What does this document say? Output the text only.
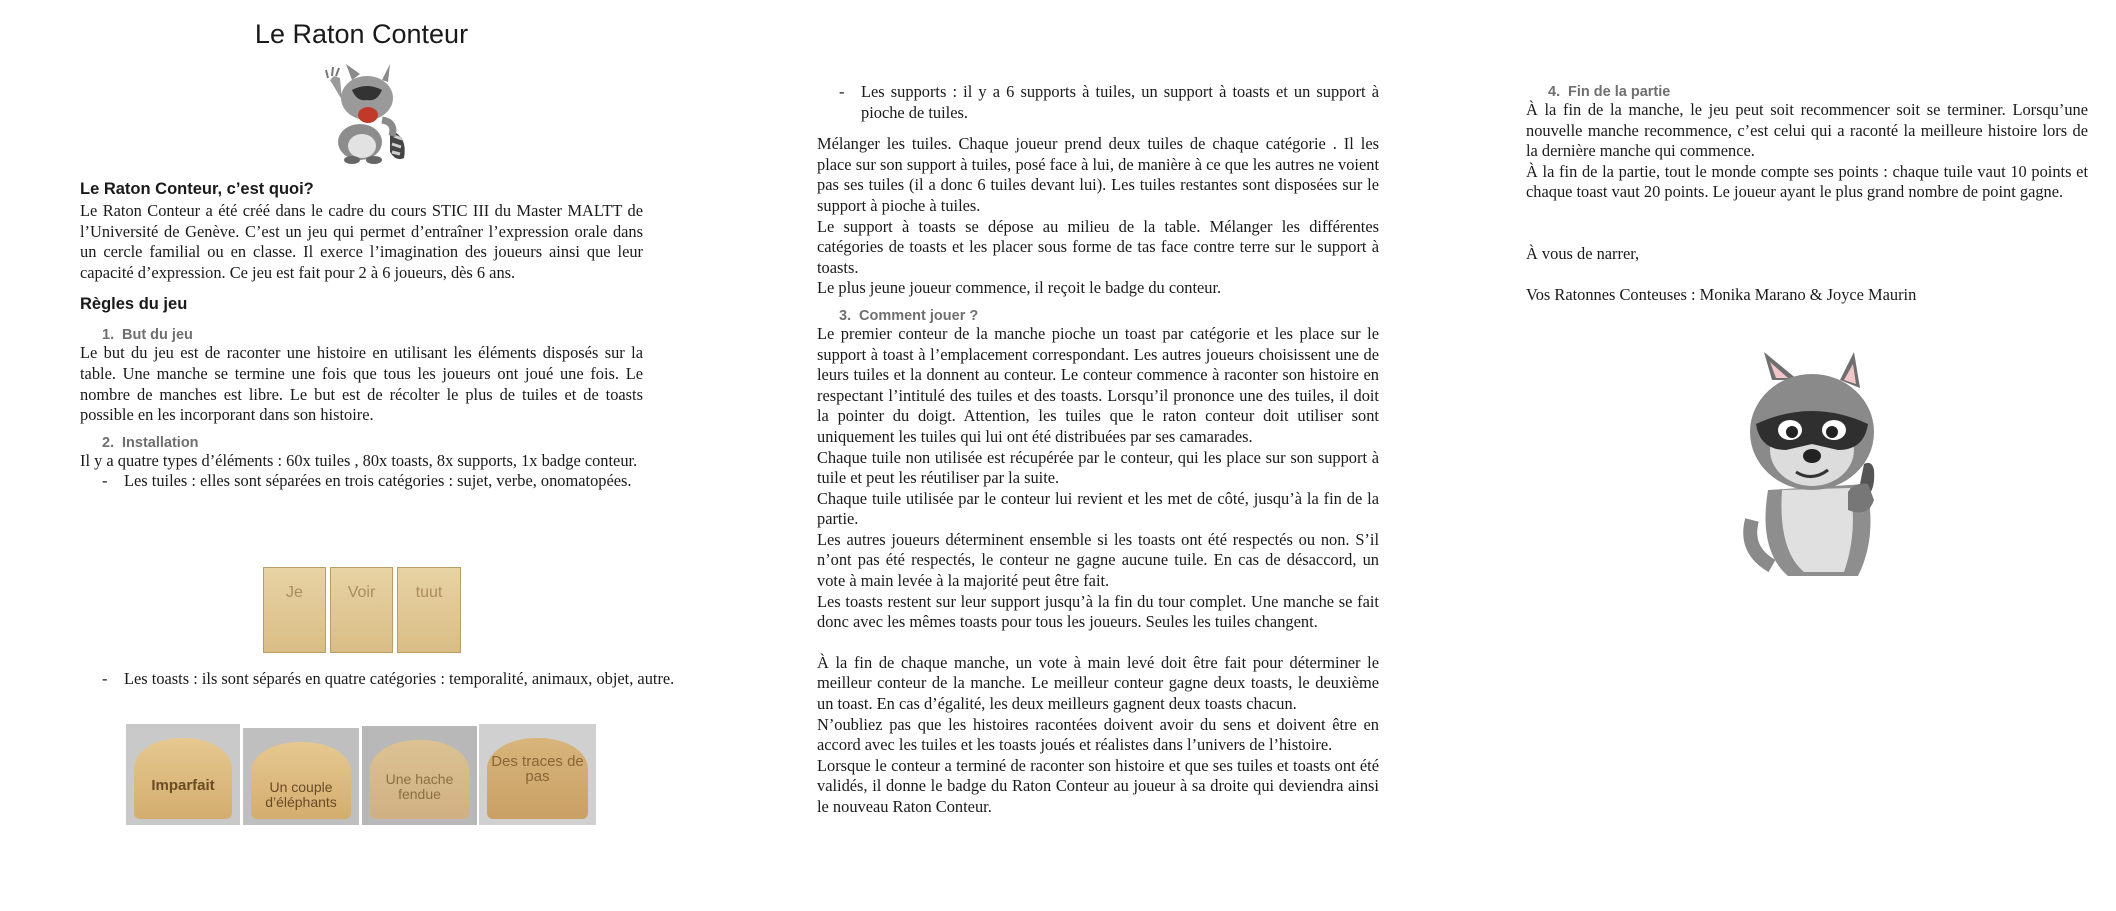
Le Raton Conteur

Le Raton Conteur, c’est quoi?

Le Raton Conteur a été créé dans le cadre du cours STIC III du Master MALTT de l’Université de Genève. C’est un jeu qui permet d’entraîner l’expression orale dans un cercle familial ou en classe. Il exerce l’imagination des joueurs ainsi que leur capacité d’expression. Ce jeu est fait pour 2 à 6 joueurs, dès 6 ans.

Règles du jeu

1. But du jeu

Le but du jeu est de raconter une histoire en utilisant les éléments disposés sur la table. Une manche se termine une fois que tous les joueurs ont joué une fois. Le nombre de manches est libre. Le but est de récolter le plus de tuiles et de toasts possible en les incorporant dans son histoire.

2. Installation

Il y a quatre types d’éléments : 60x tuiles , 80x toasts, 8x supports, 1x badge conteur.

- Les tuiles : elles sont séparées en trois catégories : sujet, verbe, onomatopées.

Je	Voir	tuut

- Les toasts : ils sont séparés en quatre catégories : temporalité, animaux, objet, autre.

Imparfait	Un couple d’éléphants
Une hache fendue
Des traces de pas

- Les supports : il y a 6 supports à tuiles, un support à toasts et un support à pioche de tuiles.

Mélanger les tuiles. Chaque joueur prend deux tuiles de chaque catégorie . Il les place sur son support à tuiles, posé face à lui, de manière à ce que les autres ne voient pas ses tuiles (il a donc 6 tuiles devant lui). Les tuiles restantes sont disposées sur le support à pioche à tuiles.

Le support à toasts se dépose au milieu de la table. Mélanger les différentes catégories de toasts et les placer sous forme de tas face contre terre sur le support à toasts.

Le plus jeune joueur commence, il reçoit le badge du conteur.

3. Comment jouer ?

Le premier conteur de la manche pioche un toast par catégorie et les place sur le support à toast à l’emplacement correspondant. Les autres joueurs choisissent une de leurs tuiles et la donnent au conteur. Le conteur commence à raconter son histoire en respectant l’intitulé des tuiles et des toasts. Lorsqu’il prononce une des tuiles, il doit la pointer du doigt. Attention, les tuiles que le raton conteur doit utiliser sont uniquement les tuiles qui lui ont été distribuées par ses camarades.

Chaque tuile non utilisée est récupérée par le conteur, qui les place sur son support à tuile et peut les réutiliser par la suite.

Chaque tuile utilisée par le conteur lui revient et les met de côté, jusqu’à la fin de la partie.

Les autres joueurs déterminent ensemble si les toasts ont été respectés ou non. S’il n’ont pas été respectés, le conteur ne gagne aucune tuile. En cas de désaccord, un vote à main levée à la majorité peut être fait.

Les toasts restent sur leur support jusqu’à la fin du tour complet. Une manche se fait donc avec les mêmes toasts pour tous les joueurs. Seules les tuiles changent.

À la fin de chaque manche, un vote à main levé doit être fait pour déterminer le meilleur conteur de la manche. Le meilleur conteur gagne deux toasts, le deuxième un toast. En cas d’égalité, les deux meilleurs gagnent deux toasts chacun.

N’oubliez pas que les histoires racontées doivent avoir du sens et doivent être en accord avec les tuiles et les toasts joués et réalistes dans l’univers de l’histoire.

Lorsque le conteur a terminé de raconter son histoire et que ses tuiles et toasts ont été validés, il donne le badge du Raton Conteur au joueur à sa droite qui deviendra ainsi le nouveau Raton Conteur.

4. Fin de la partie

À la fin de la manche, le jeu peut soit recommencer soit se terminer. Lorsqu’une nouvelle manche recommence, c’est celui qui a raconté la meilleure histoire lors de la dernière manche qui commence.

À la fin de la partie, tout le monde compte ses points : chaque tuile vaut 10 points et chaque toast vaut 20 points. Le joueur ayant le plus grand nombre de point gagne.

À vous de narrer,

Vos Ratonnes Conteuses : Monika Marano & Joyce Maurin
